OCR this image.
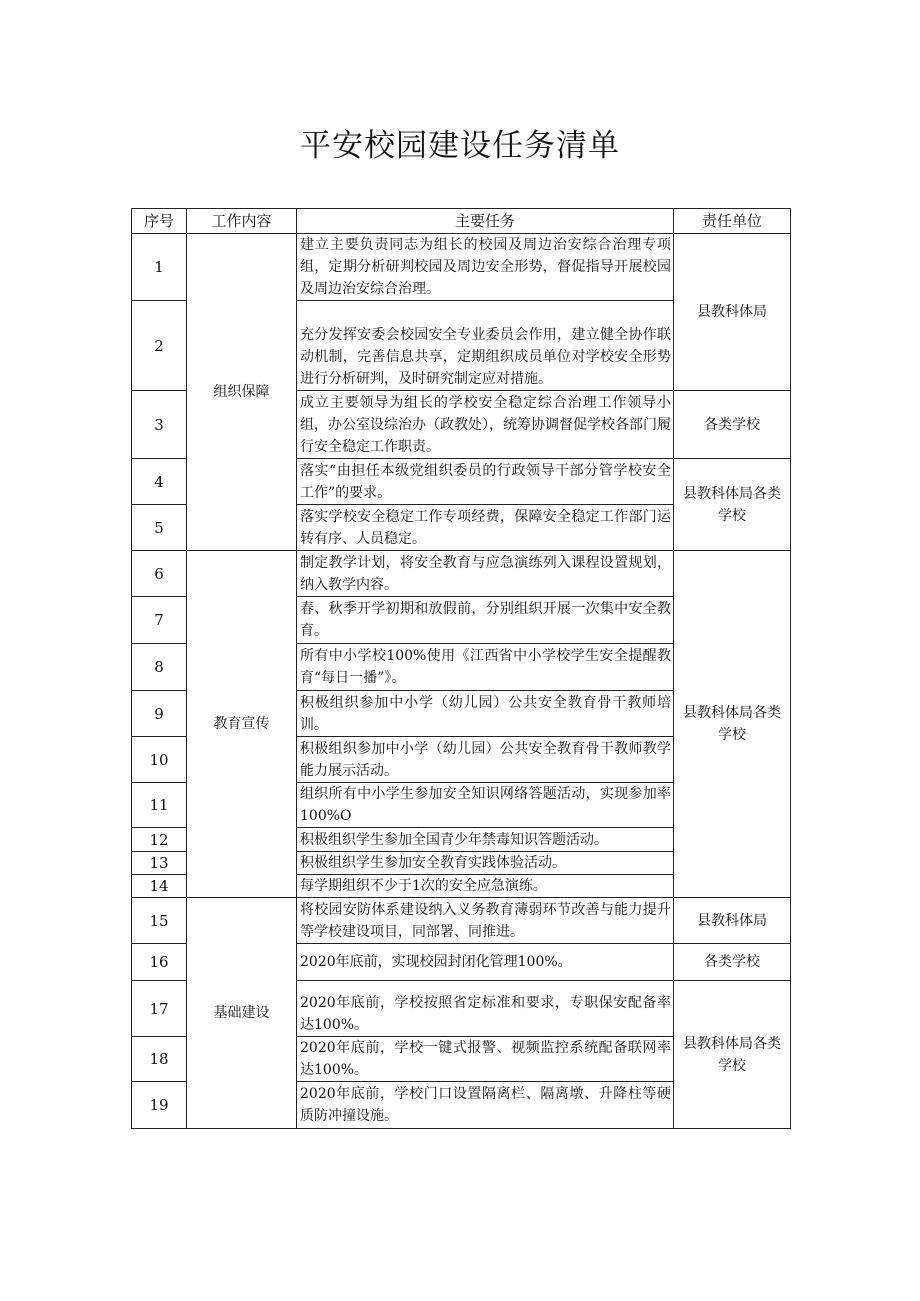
平安校园建设任务清单
序号	工作内容	主要任务	责任单位
1	组织保障	建立主要负责同志为组长的校园及周边治安综合治理专项组，定期分析研判校园及周边安全形势，督促指导开展校园及周边治安综合治理。	县教科体局
2		充分发挥安委会校园安全专业委员会作用，建立健全协作联动机制，完善信息共享，定期组织成员单位对学校安全形势进行分析研判，及时研究制定应对措施。	
3		成立主要领导为组长的学校安全稳定综合治理工作领导小组，办公室设综治办（政教处），统筹协调督促学校各部门履行安全稳定工作职责。	各类学校
4		落实“由担任本级党组织委员的行政领导干部分管学校安全工作”的要求。	县教科体局各类学校
5		落实学校安全稳定工作专项经费，保障安全稳定工作部门运转有序、人员稳定。	
6	教育宣传	制定教学计划，将安全教育与应急演练列入课程设置规划，纳入教学内容。	县教科体局各类学校
7		春、秋季开学初期和放假前，分别组织开展一次集中安全教育。	
8		所有中小学校100%使用《江西省中小学校学生安全提醒教育“每日一播”》。	
9		积极组织参加中小学（幼儿园）公共安全教育骨干教师培训。	
10		积极组织参加中小学（幼儿园）公共安全教育骨干教师教学能力展示活动。	
11		组织所有中小学生参加安全知识网络答题活动，实现参加率100%O	
12		积极组织学生参加全国青少年禁毒知识答题活动。	
13		积极组织学生参加安全教育实践体验活动。	
14		每学期组织不少于1次的安全应急演练。	
15	基础建设	将校园安防体系建设纳入义务教育薄弱环节改善与能力提升等学校建设项目，同部署、同推进。	县教科体局
16		2020年底前，实现校园封闭化管理100%。	各类学校
17		2020年底前，学校按照省定标准和要求，专职保安配备率达100%。	县教科体局各类学校
18		2020年底前，学校一键式报警、视频监控系统配备联网率达100%。	
19		2020年底前，学校门口设置隔离栏、隔离墩、升降柱等硬质防冲撞设施。	
